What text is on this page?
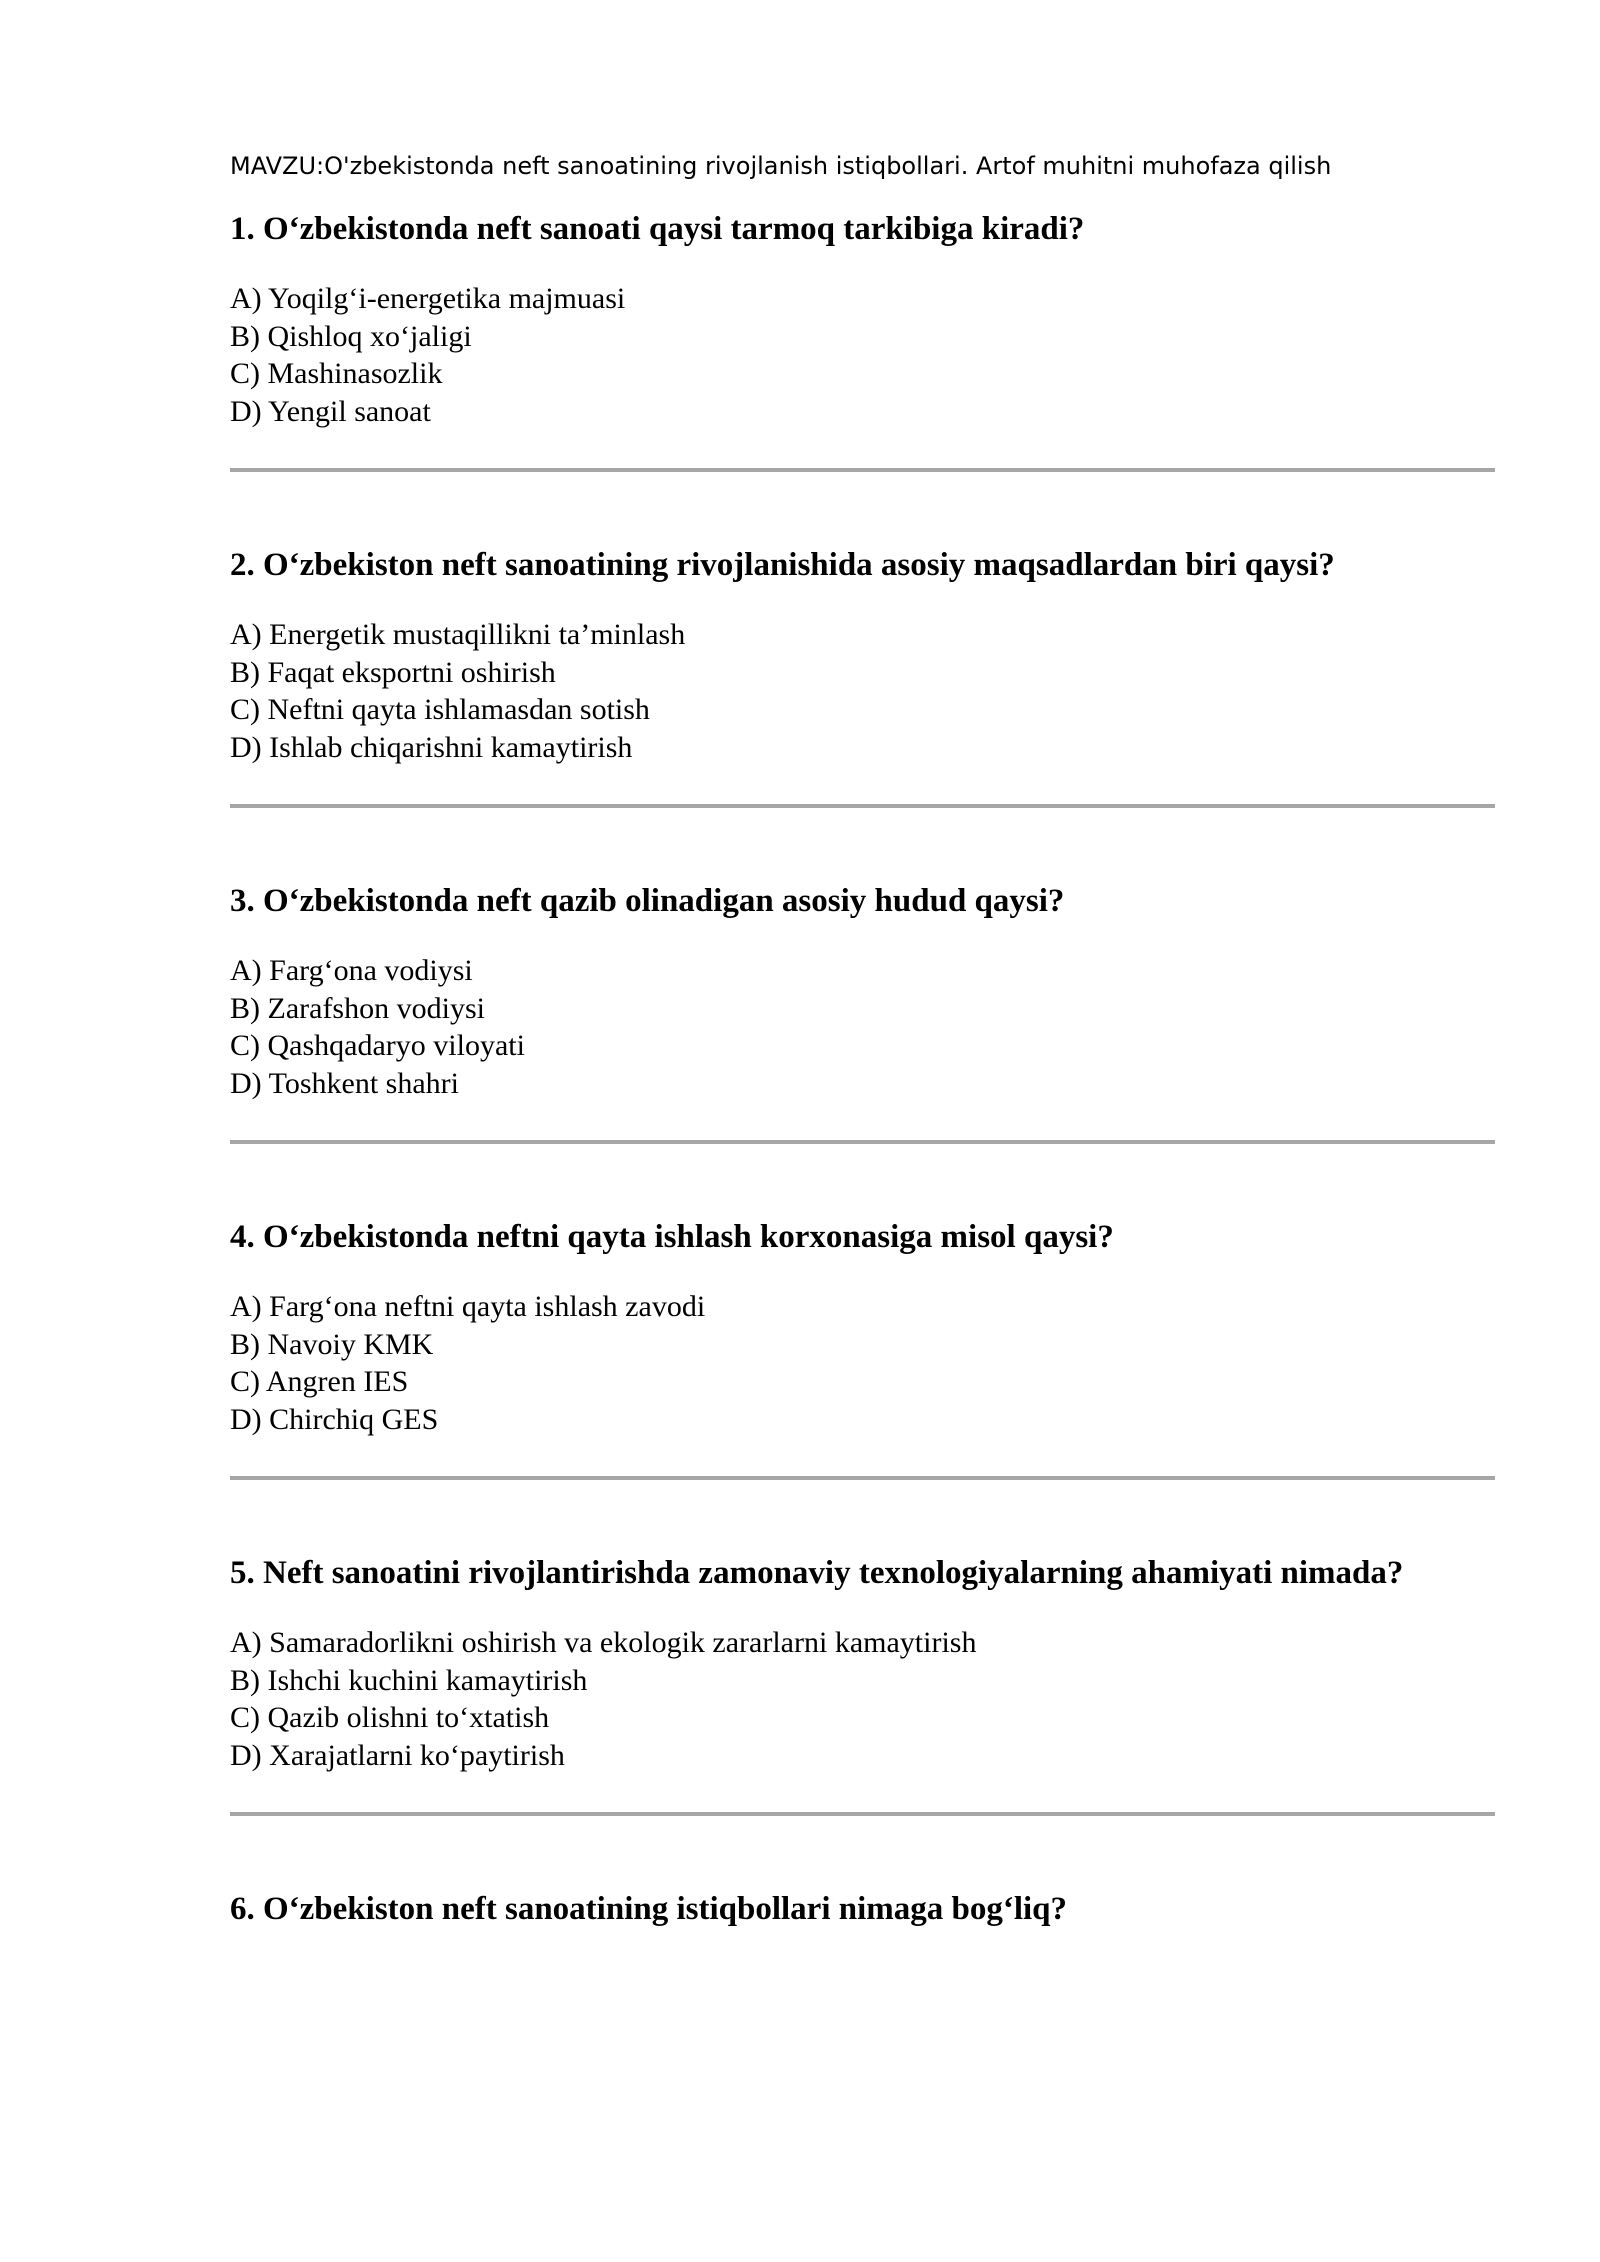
MAVZU:O'zbekistonda neft sanoatining rivojlanish istiqbollari. Artof muhitni muhofaza qilish
1. O‘zbekistonda neft sanoati qaysi tarmoq tarkibiga kiradi?
A) Yoqilg‘i-energetika majmuasi
B) Qishloq xo‘jaligi
C) Mashinasozlik
D) Yengil sanoat
2. O‘zbekiston neft sanoatining rivojlanishida asosiy maqsadlardan biri qaysi?
A) Energetik mustaqillikni ta’minlash
B) Faqat eksportni oshirish
C) Neftni qayta ishlamasdan sotish
D) Ishlab chiqarishni kamaytirish
3. O‘zbekistonda neft qazib olinadigan asosiy hudud qaysi?
A) Farg‘ona vodiysi
B) Zarafshon vodiysi
C) Qashqadaryo viloyati
D) Toshkent shahri
4. O‘zbekistonda neftni qayta ishlash korxonasiga misol qaysi?
A) Farg‘ona neftni qayta ishlash zavodi
B) Navoiy KMK
C) Angren IES
D) Chirchiq GES
5. Neft sanoatini rivojlantirishda zamonaviy texnologiyalarning ahamiyati nimada?
A) Samaradorlikni oshirish va ekologik zararlarni kamaytirish
B) Ishchi kuchini kamaytirish
C) Qazib olishni to‘xtatish
D) Xarajatlarni ko‘paytirish
6. O‘zbekiston neft sanoatining istiqbollari nimaga bog‘liq?
